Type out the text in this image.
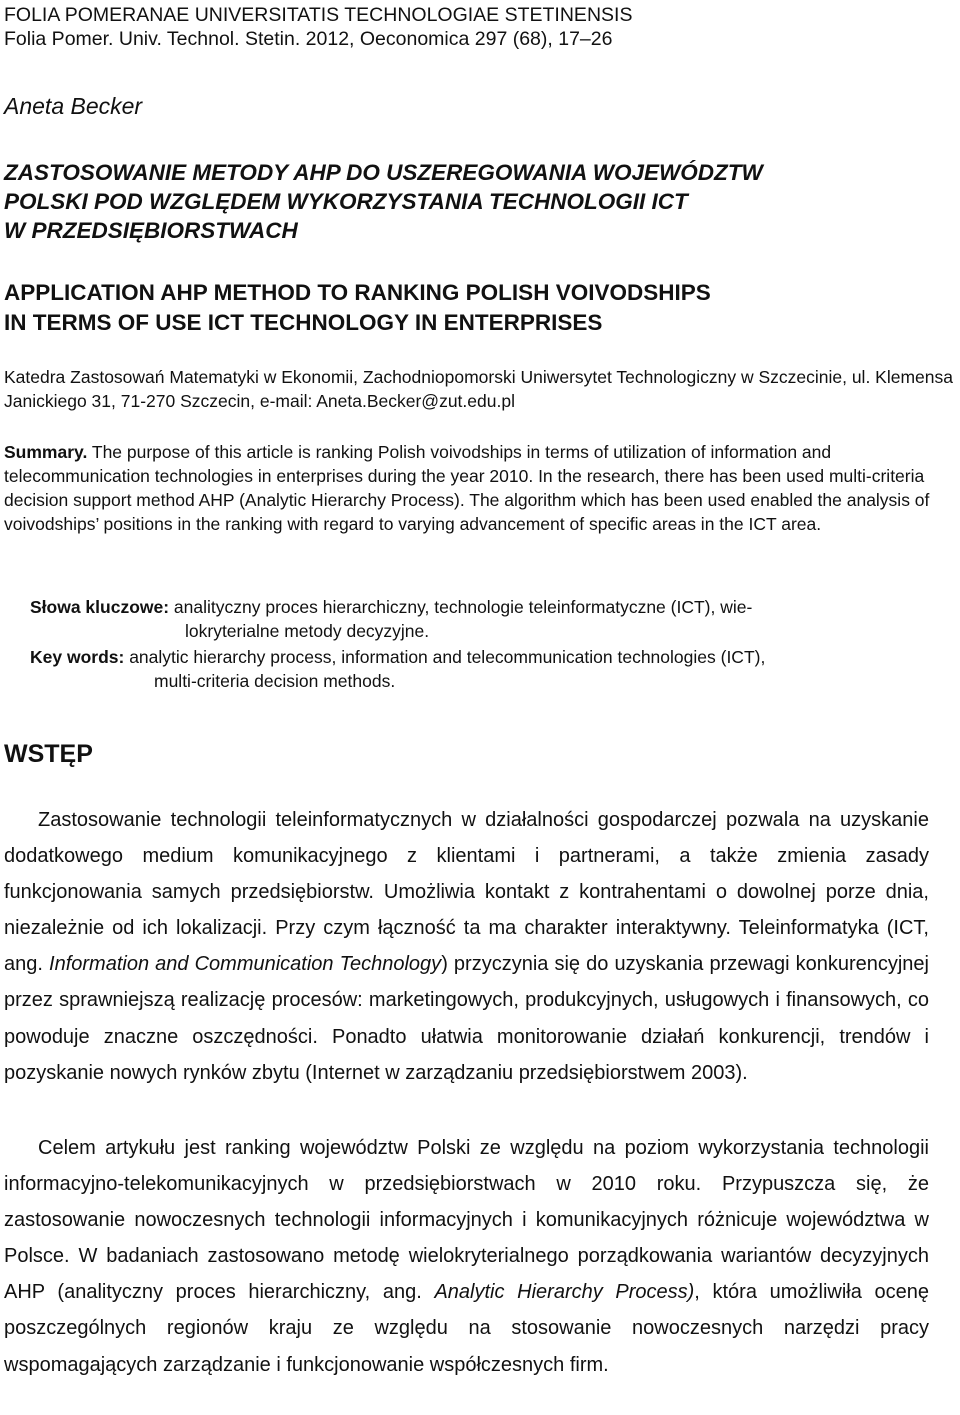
FOLIA POMERANAE UNIVERSITATIS TECHNOLOGIAE STETINENSIS
Folia Pomer. Univ. Technol. Stetin. 2012, Oeconomica 297 (68), 17–26
Aneta Becker
ZASTOSOWANIE METODY AHP DO USZEREGOWANIA WOJEWÓDZTW
POLSKI POD WZGLĘDEM WYKORZYSTANIA TECHNOLOGII ICT
W PRZEDSIĘBIORSTWACH
APPLICATION AHP METHOD TO RANKING POLISH VOIVODSHIPS
IN TERMS OF USE ICT TECHNOLOGY IN ENTERPRISES
Katedra Zastosowań Matematyki w Ekonomii, Zachodniopomorski Uniwersytet Technologiczny w Szczecinie, ul. Klemensa Janickiego 31, 71-270 Szczecin, e-mail: Aneta.Becker@zut.edu.pl
Summary. The purpose of this article is ranking Polish voivodships in terms of utilization of information and telecommunication technologies in enterprises during the year 2010. In the research, there has been used multi-criteria decision support method AHP (Analytic Hierarchy Process). The algorithm which has been used enabled the analysis of voivodships’ positions in the ranking with regard to varying advancement of specific areas in the ICT area.
Słowa kluczowe: analityczny proces hierarchiczny, technologie teleinformatyczne (ICT), wie-
lokryterialne metody decyzyjne.
Key words: analytic hierarchy process, information and telecommunication technologies (ICT),
multi-criteria decision methods.
WSTĘP
Zastosowanie technologii teleinformatycznych w działalności gospodarczej pozwala na uzyskanie dodatkowego medium komunikacyjnego z klientami i partnerami, a także zmienia zasady funkcjonowania samych przedsiębiorstw. Umożliwia kontakt z kontrahentami o dowolnej porze dnia, niezależnie od ich lokalizacji. Przy czym łączność ta ma charakter interaktywny. Teleinformatyka (ICT, ang. Information and Communication Technology) przyczynia się do uzyskania przewagi konkurencyjnej przez sprawniejszą realizację procesów: marketingowych, produkcyjnych, usługowych i finansowych, co powoduje znaczne oszczędności. Ponadto ułatwia monitorowanie działań konkurencji, trendów i pozyskanie nowych rynków zbytu (Internet w zarządzaniu przedsiębiorstwem 2003).
Celem artykułu jest ranking województw Polski ze względu na poziom wykorzystania technologii informacyjno-telekomunikacyjnych w przedsiębiorstwach w 2010 roku. Przypuszcza się, że zastosowanie nowoczesnych technologii informacyjnych i komunikacyjnych różnicuje województwa w Polsce. W badaniach zastosowano metodę wielokryterialnego porządkowania wariantów decyzyjnych AHP (analityczny proces hierarchiczny, ang. Analytic Hierarchy Process), która umożliwiła ocenę poszczególnych regionów kraju ze względu na stosowanie nowoczesnych narzędzi pracy wspomagających zarządzanie i funkcjonowanie współczesnych firm.
